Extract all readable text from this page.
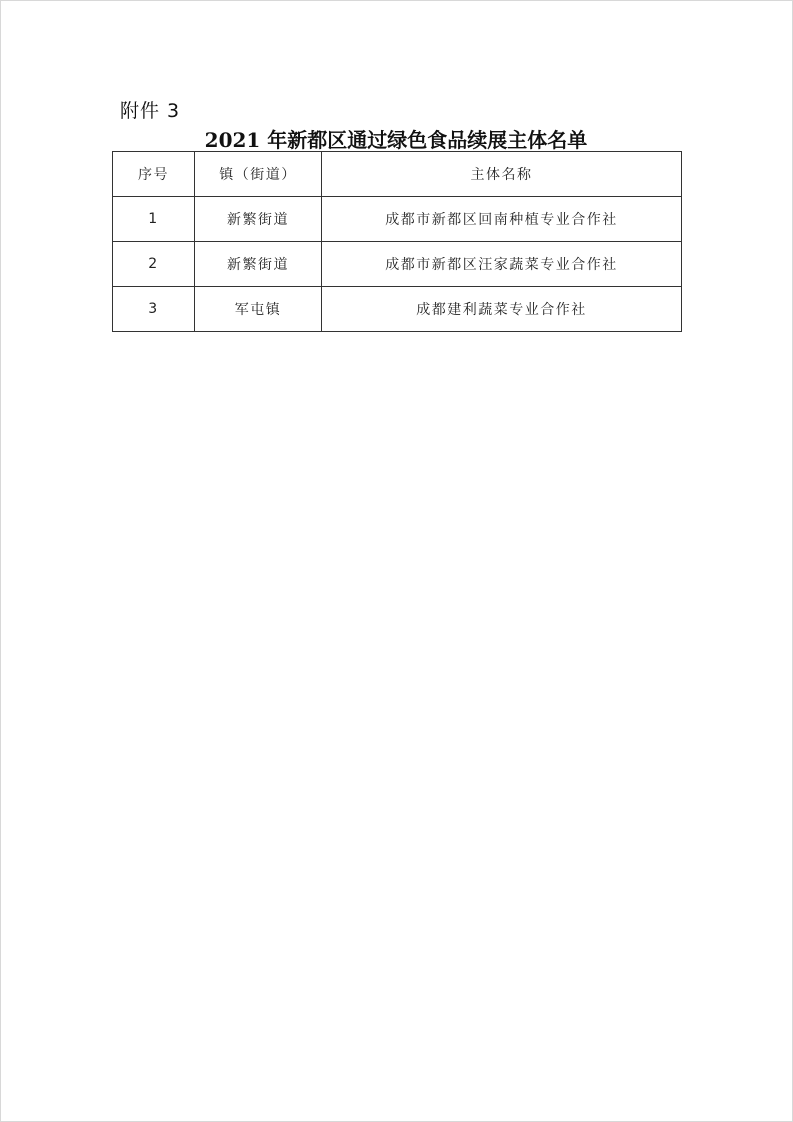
附件 3
2021 年新都区通过绿色食品续展主体名单
序号	镇（街道）	主体名称
1	新繁街道	成都市新都区回南种植专业合作社
2	新繁街道	成都市新都区汪家蔬菜专业合作社
3	军屯镇	成都建利蔬菜专业合作社
